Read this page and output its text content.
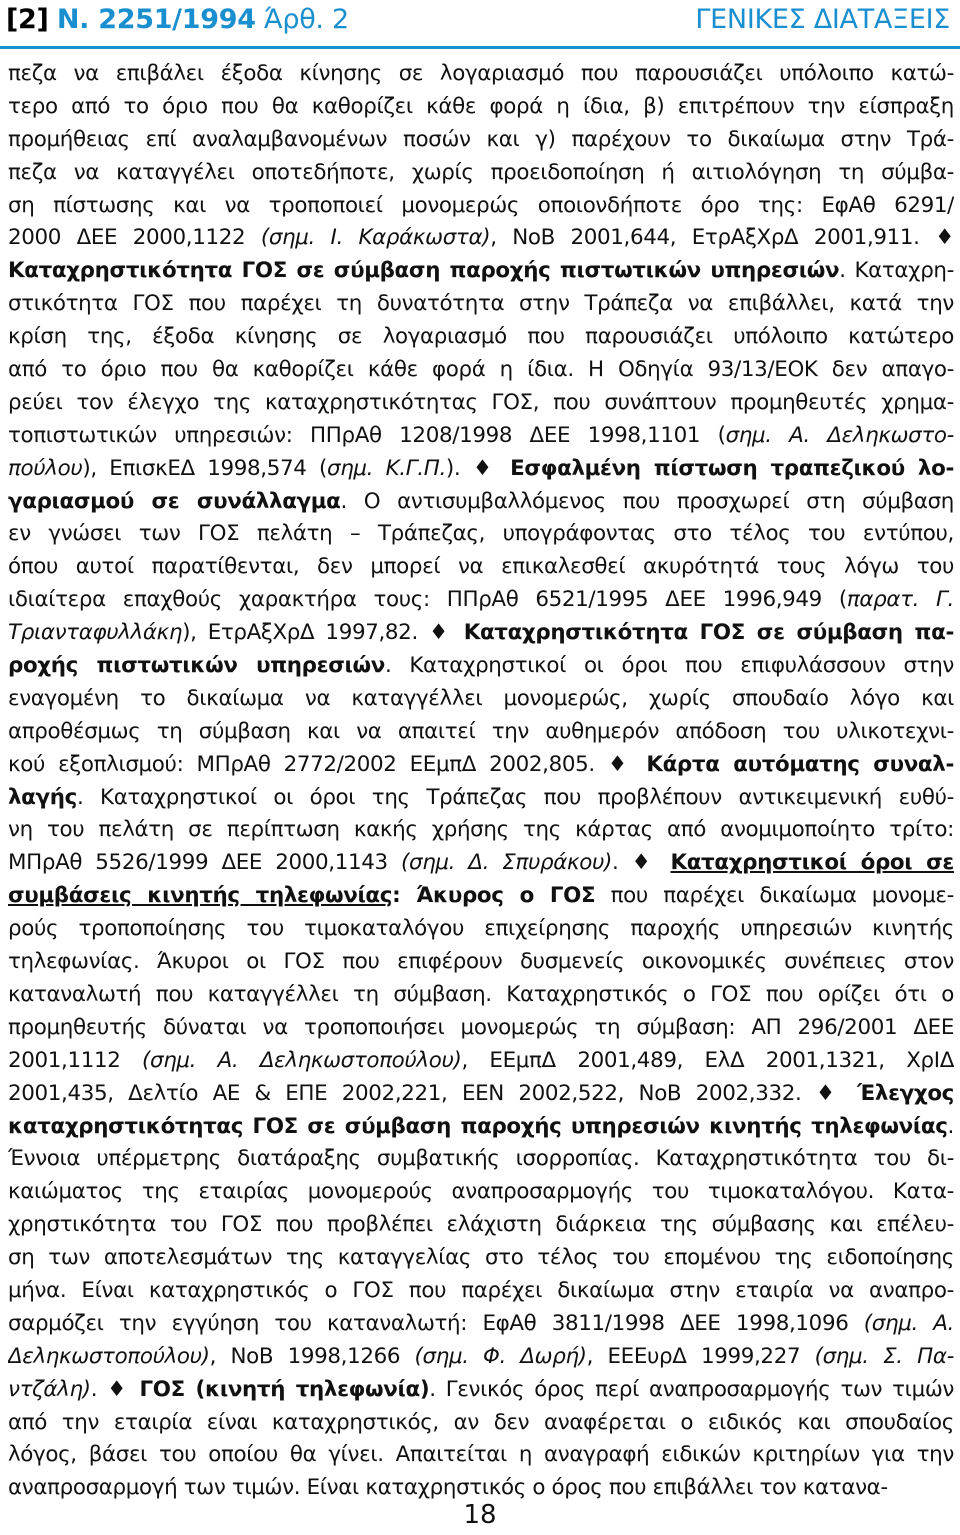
[2] Ν. 2251/1994 Άρθ. 2	ΓΕΝΙΚΕΣ ΔΙΑΤΑΞΕΙΣ
πεζα να επιβάλει έξοδα κίνησης σε λογαριασμό που παρουσιάζει υπόλοιπο κατώ-
τερο από το όριο που θα καθορίζει κάθε φορά η ίδια, β) επιτρέπουν την είσπραξη
προμήθειας επί αναλαμβανομένων ποσών και γ) παρέχουν το δικαίωμα στην Τρά-
πεζα να καταγγέλει οποτεδήποτε, χωρίς προειδοποίηση ή αιτιολόγηση τη σύμβα-
ση πίστωσης και να τροποποιεί μονομερώς οποιονδήποτε όρο της: ΕφΑθ 6291/
2000 ΔΕΕ 2000,1122 (σημ. Ι. Καράκωστα), ΝοΒ 2001,644, ΕτρΑξΧρΔ 2001,911. ♦
Καταχρηστικότητα ΓΟΣ σε σύμβαση παροχής πιστωτικών υπηρεσιών. Καταχρη-
στικότητα ΓΟΣ που παρέχει τη δυνατότητα στην Τράπεζα να επιβάλλει, κατά την
κρίση της, έξοδα κίνησης σε λογαριασμό που παρουσιάζει υπόλοιπο κατώτερο
από το όριο που θα καθορίζει κάθε φορά η ίδια. Η Οδηγία 93/13/ΕΟΚ δεν απαγο-
ρεύει τον έλεγχο της καταχρηστικότητας ΓΟΣ, που συνάπτουν προμηθευτές χρημα-
τοπιστωτικών υπηρεσιών: ΠΠρΑθ 1208/1998 ΔΕΕ 1998,1101 (σημ. Α. Δεληκωστο-
πούλου), ΕπισκΕΔ 1998,574 (σημ. Κ.Γ.Π.). ♦ Εσφαλμένη πίστωση τραπεζικού λο-
γαριασμού σε συνάλλαγμα. Ο αντισυμβαλλόμενος που προσχωρεί στη σύμβαση
εν γνώσει των ΓΟΣ πελάτη – Τράπεζας, υπογράφοντας στο τέλος του εντύπου,
όπου αυτοί παρατίθενται, δεν μπορεί να επικαλεσθεί ακυρότητά τους λόγω του
ιδιαίτερα επαχθούς χαρακτήρα τους: ΠΠρΑθ 6521/1995 ΔΕΕ 1996,949 (παρατ. Γ.
Τριανταφυλλάκη), ΕτρΑξΧρΔ 1997,82. ♦ Καταχρηστικότητα ΓΟΣ σε σύμβαση πα-
ροχής πιστωτικών υπηρεσιών. Καταχρηστικοί οι όροι που επιφυλάσσουν στην
εναγομένη το δικαίωμα να καταγγέλλει μονομερώς, χωρίς σπουδαίο λόγο και
απροθέσμως τη σύμβαση και να απαιτεί την αυθημερόν απόδοση του υλικοτεχνι-
κού εξοπλισμού: ΜΠρΑθ 2772/2002 ΕΕμπΔ 2002,805. ♦ Κάρτα αυτόματης συναλ-
λαγής. Καταχρηστικοί οι όροι της Τράπεζας που προβλέπουν αντικειμενική ευθύ-
νη του πελάτη σε περίπτωση κακής χρήσης της κάρτας από ανομιμοποίητο τρίτο:
ΜΠρΑθ 5526/1999 ΔΕΕ 2000,1143 (σημ. Δ. Σπυράκου). ♦ Καταχρηστικοί όροι σε
συμβάσεις κινητής τηλεφωνίας: Άκυρος ο ΓΟΣ που παρέχει δικαίωμα μονομε-
ρούς τροποποίησης του τιμοκαταλόγου επιχείρησης παροχής υπηρεσιών κινητής
τηλεφωνίας. Άκυροι οι ΓΟΣ που επιφέρουν δυσμενείς οικονομικές συνέπειες στον
καταναλωτή που καταγγέλλει τη σύμβαση. Καταχρηστικός ο ΓΟΣ που ορίζει ότι ο
προμηθευτής δύναται να τροποποιήσει μονομερώς τη σύμβαση: ΑΠ 296/2001 ΔΕΕ
2001,1112 (σημ. Α. Δεληκωστοπούλου), ΕΕμπΔ 2001,489, ΕλΔ 2001,1321, ΧρΙΔ
2001,435, Δελτίο ΑΕ & ΕΠΕ 2002,221, ΕΕΝ 2002,522, ΝοΒ 2002,332. ♦ Έλεγχος
καταχρηστικότητας ΓΟΣ σε σύμβαση παροχής υπηρεσιών κινητής τηλεφωνίας.
Έννοια υπέρμετρης διατάραξης συμβατικής ισορροπίας. Καταχρηστικότητα του δι-
καιώματος της εταιρίας μονομερούς αναπροσαρμογής του τιμοκαταλόγου. Κατα-
χρηστικότητα του ΓΟΣ που προβλέπει ελάχιστη διάρκεια της σύμβασης και επέλευ-
ση των αποτελεσμάτων της καταγγελίας στο τέλος του επομένου της ειδοποίησης
μήνα. Είναι καταχρηστικός ο ΓΟΣ που παρέχει δικαίωμα στην εταιρία να αναπρο-
σαρμόζει την εγγύηση του καταναλωτή: ΕφΑθ 3811/1998 ΔΕΕ 1998,1096 (σημ. Α.
Δεληκωστοπούλου), ΝοΒ 1998,1266 (σημ. Φ. Δωρή), ΕΕΕυρΔ 1999,227 (σημ. Σ. Πα-
ντζάλη). ♦ ΓΟΣ (κινητή τηλεφωνία). Γενικός όρος περί αναπροσαρμογής των τιμών
από την εταιρία είναι καταχρηστικός, αν δεν αναφέρεται ο ειδικός και σπουδαίος
λόγος, βάσει του οποίου θα γίνει. Απαιτείται η αναγραφή ειδικών κριτηρίων για την
αναπροσαρμογή των τιμών. Είναι καταχρηστικός ο όρος που επιβάλλει τον κατανα-
18
